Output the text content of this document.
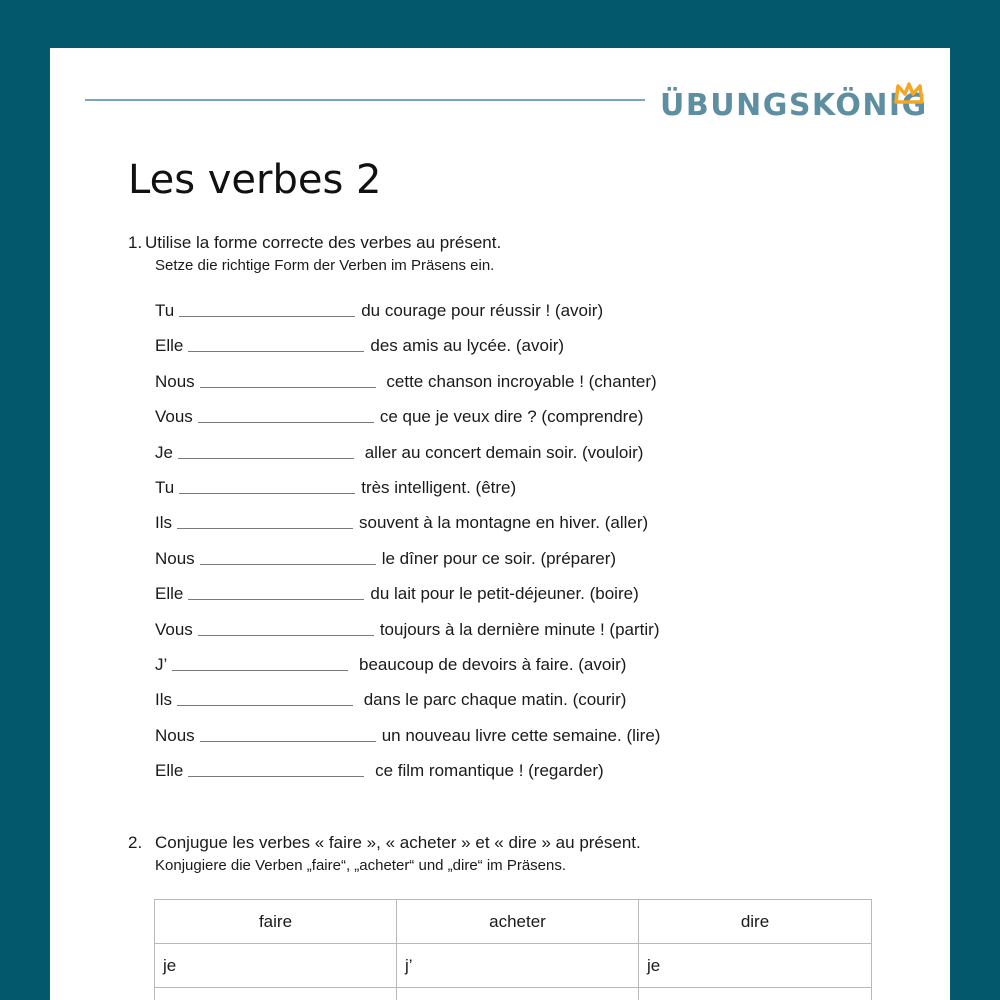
ÜBUNGSKÖNIG
Les verbes 2
1. Utilise la forme correcte des verbes au présent.
Setze die richtige Form der Verben im Präsens ein.
Tu	du courage pour réussir ! (avoir)
Elle	des amis au lycée. (avoir)
Nous	cette chanson incroyable ! (chanter)
Vous	ce que je veux dire ? (comprendre)
Je	aller au concert demain soir. (vouloir)
Tu	très intelligent. (être)
Ils	souvent à la montagne en hiver. (aller)
Nous	le dîner pour ce soir. (préparer)
Elle	du lait pour le petit-déjeuner. (boire)
Vous	toujours à la dernière minute ! (partir)
J’	beaucoup de devoirs à faire. (avoir)
Ils	dans le parc chaque matin. (courir)
Nous	un nouveau livre cette semaine. (lire)
Elle	ce film romantique ! (regarder)
2. Conjugue les verbes « faire », « acheter » et « dire » au présent.
Konjugiere die Verben „faire“, „acheter“ und „dire“ im Präsens.
faire	acheter	dire
je	j’	je
